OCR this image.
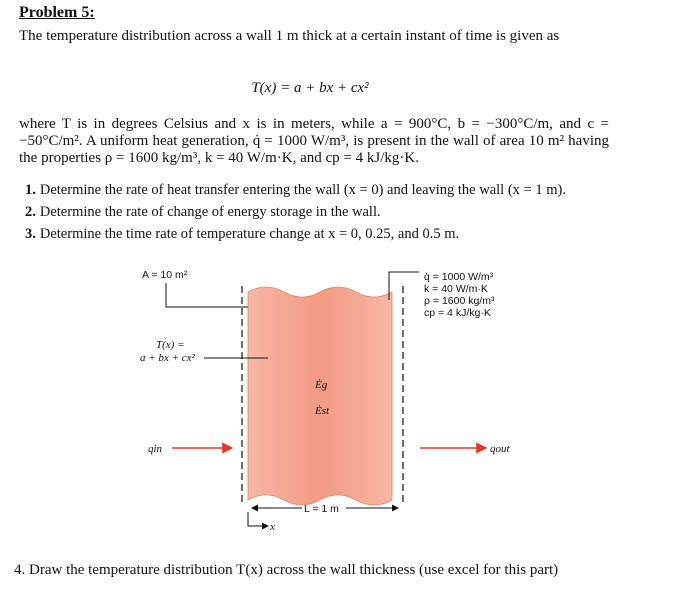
Problem 5:
The temperature distribution across a wall 1 m thick at a certain instant of time is given as
T(x) = a + bx + cx²
where T is in degrees Celsius and x is in meters, while a = 900°C, b = −300°C/m, and c = −50°C/m². A uniform heat generation, q̇ = 1000 W/m³, is present in the wall of area 10 m² having the properties ρ = 1600 kg/m³, k = 40 W/m·K, and cp = 4 kJ/kg·K.
1. Determine the rate of heat transfer entering the wall (x = 0) and leaving the wall (x = 1 m).
2. Determine the rate of change of energy storage in the wall.
3. Determine the time rate of temperature change at x = 0, 0.25, and 0.5 m.
A = 10 m²
T(x) =
a + bx + cx²
q̇ = 1000 W/m³
k = 40 W/m·K
ρ = 1600 kg/m³
cp = 4 kJ/kg·K
Ėg
Ėst
qin	qout
L = 1 m
x
4. Draw the temperature distribution T(x) across the wall thickness (use excel for this part)
